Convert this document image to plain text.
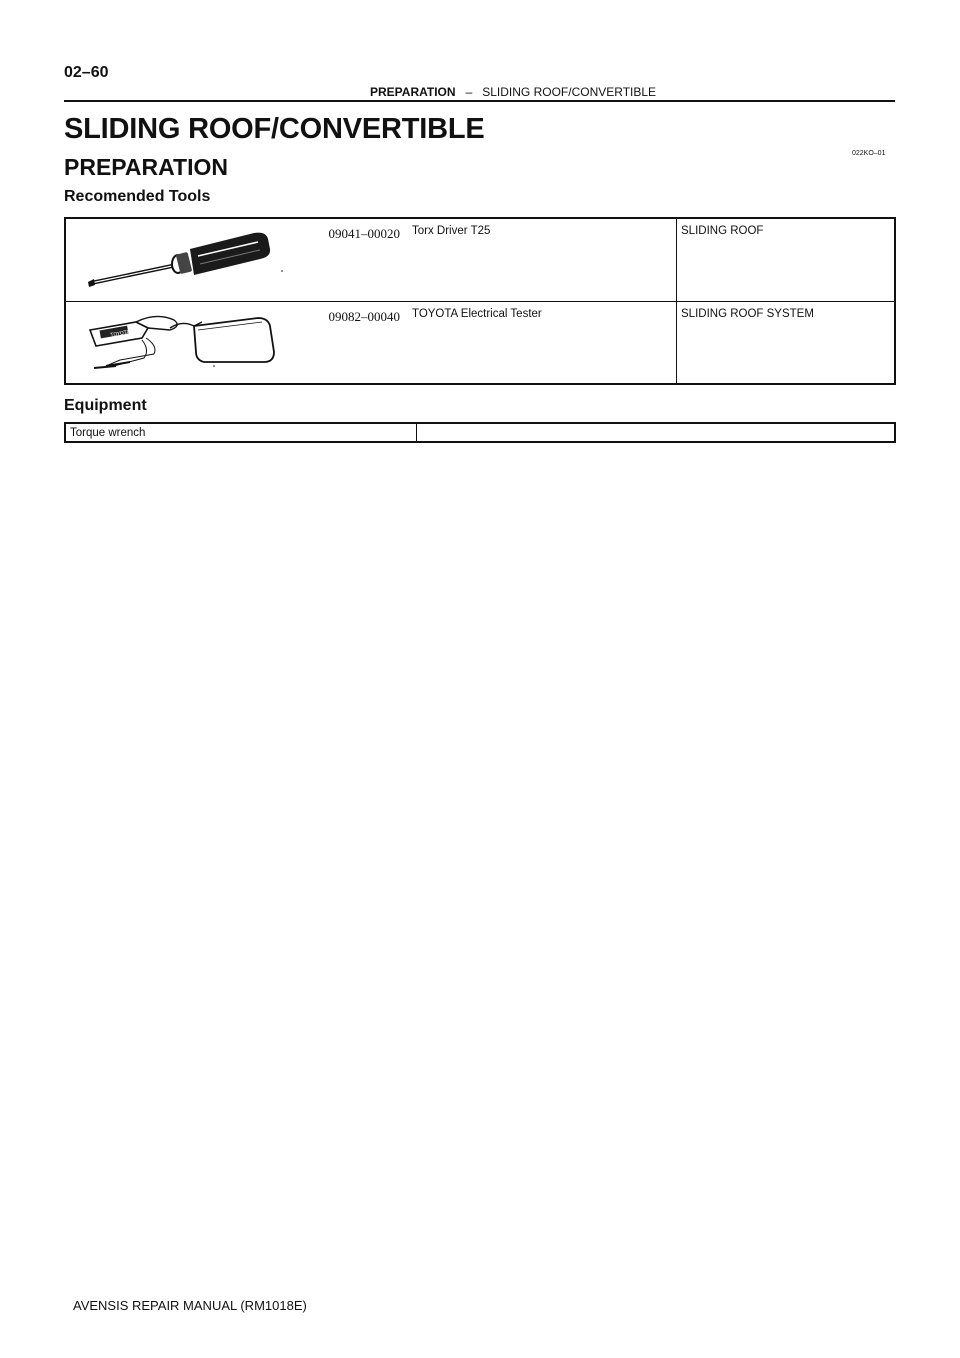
02–60
PREPARATION – SLIDING ROOF/CONVERTIBLE
SLIDING ROOF/CONVERTIBLE
022KO–01
PREPARATION
Recomended Tools
09041–00020	Torx Driver T25	SLIDING ROOF

TOYOTA
09082–00040	TOYOTA Electrical Tester	SLIDING ROOF SYSTEM
Equipment
Torque wrench	
AVENSIS REPAIR MANUAL (RM1018E)
